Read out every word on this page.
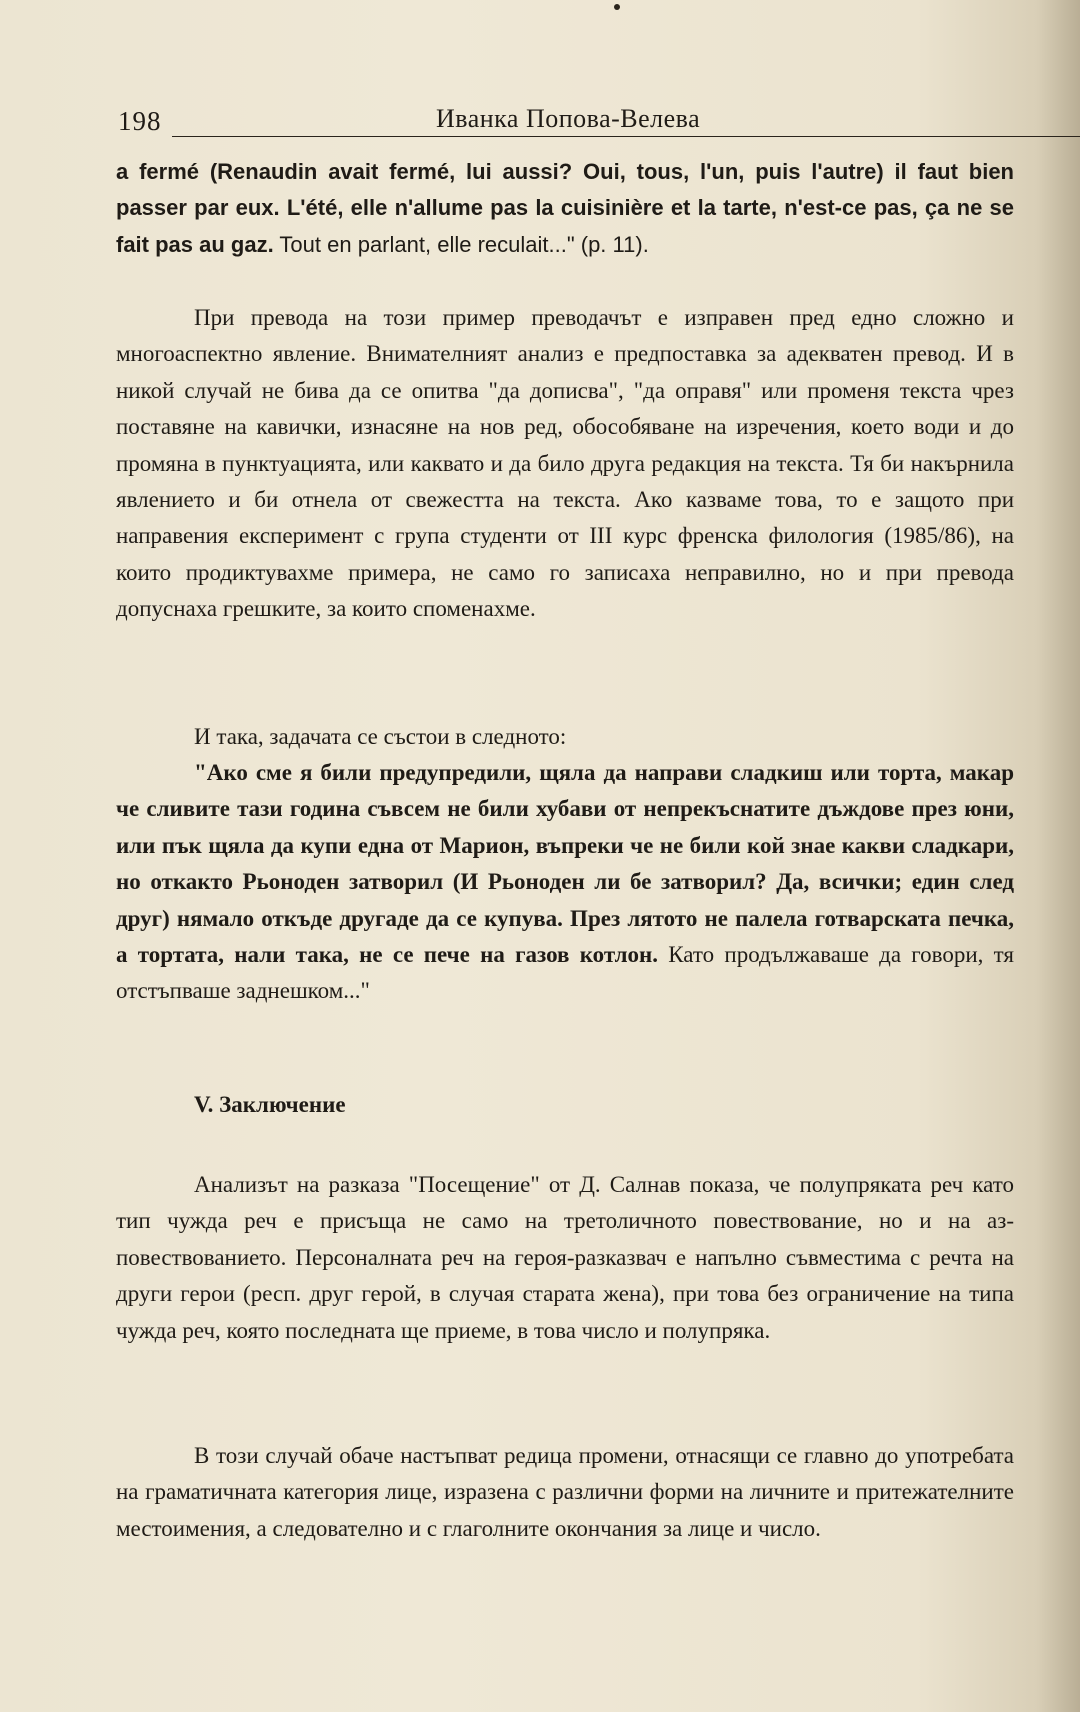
198	Иванка Попова-Велева

a fermé (Renaudin avait fermé, lui aussi? Oui, tous, l'un, puis l'autre) il faut bien passer par eux. L'été, elle n'allume pas la cuisinière et la tarte, n'est-ce pas, ça ne se fait pas au gaz. Tout en parlant, elle reculait..." (p. 11).

При превода на този пример преводачът е изправен пред едно сложно и многоаспектно явление. Внимателният анализ е предпоставка за адекватен превод. И в никой случай не бива да се опитва "да дописва", "да оправя" или променя текста чрез поставяне на кавички, изнасяне на нов ред, обособяване на изречения, което води и до промяна в пунктуацията, или каквато и да било друга редакция на текста. Тя би накърнила явлението и би отнела от свежестта на текста. Ако казваме това, то е защото при направения експеримент с група студенти от III курс френска филология (1985/86), на които продиктувахме примера, не само го записаха неправилно, но и при превода допуснаха грешките, за които споменахме.

И така, задачата се състои в следното:

"Ако сме я били предупредили, щяла да направи сладкиш или торта, макар че сливите тази година съвсем не били хубави от непрекъснатите дъждове през юни, или пък щяла да купи една от Марион, въпреки че не били кой знае какви сладкари, но откакто Рьоноден затворил (И Рьоноден ли бе затворил? Да, всички; един след друг) нямало откъде другаде да се купува. През лятото не палела готварската печка, а тортата, нали така, не се пече на газов котлон. Като продължаваше да говори, тя отстъпваше заднешком..."

V. Заключение

Анализът на разказа "Посещение" от Д. Салнав показа, че полупряката реч като тип чужда реч е присъща не само на третоличното повествование, но и на аз-повествованието. Персоналната реч на героя-разказвач е напълно съвместима с речта на други герои (респ. друг герой, в случая старата жена), при това без ограничение на типа чужда реч, която последната ще приеме, в това число и полупряка.

В този случай обаче настъпват редица промени, отнасящи се главно до употребата на граматичната категория лице, изразена с различни форми на личните и притежателните местоимения, а следователно и с глаголните окончания за лице и число.
